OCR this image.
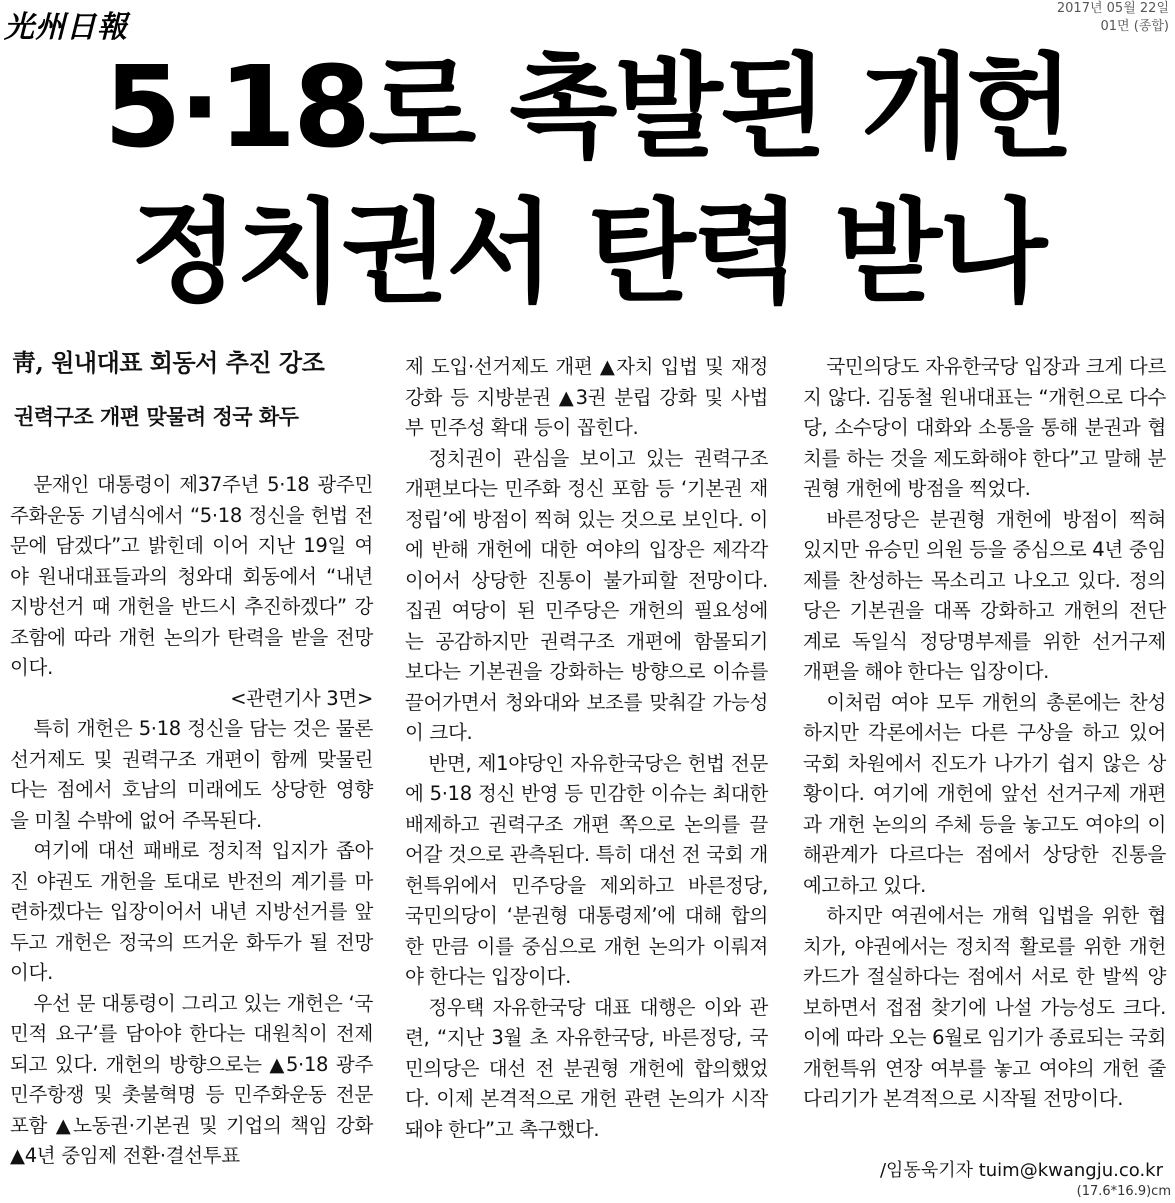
光州日報
2017년 05월 22일
01면 (종합)
5·18로 촉발된 개헌
정치권서 탄력 받나
靑, 원내대표 회동서 추진 강조
권력구조 개편 맞물려 정국 화두

문재인 대통령이 제37주년 5·18 광주민주화운동 기념식에서 “5·18 정신을 헌법 전문에 담겠다”고 밝힌데 이어 지난 19일 여야 원내대표들과의 청와대 회동에서 “내년 지방선거 때 개헌을 반드시 추진하겠다” 강조함에 따라 개헌 논의가 탄력을 받을 전망이다.
<관련기사 3면>

특히 개헌은 5·18 정신을 담는 것은 물론 선거제도 및 권력구조 개편이 함께 맞물린다는 점에서 호남의 미래에도 상당한 영향을 미칠 수밖에 없어 주목된다.

여기에 대선 패배로 정치적 입지가 좁아진 야권도 개헌을 토대로 반전의 계기를 마련하겠다는 입장이어서 내년 지방선거를 앞두고 개헌은 정국의 뜨거운 화두가 될 전망이다.

우선 문 대통령이 그리고 있는 개헌은 ‘국민적 요구’를 담아야 한다는 대원칙이 전제되고 있다. 개헌의 방향으로는 ▲5·18 광주민주항쟁 및 촛불혁명 등 민주화운동 전문 포함 ▲노동권·기본권 및 기업의 책임 강화 ▲4년 중임제 전환·결선투표

제 도입·선거제도 개편 ▲자치 입법 및 재정 강화 등 지방분권 ▲3권 분립 강화 및 사법부 민주성 확대 등이 꼽힌다.

정치권이 관심을 보이고 있는 권력구조 개편보다는 민주화 정신 포함 등 ‘기본권 재정립’에 방점이 찍혀 있는 것으로 보인다. 이에 반해 개헌에 대한 여야의 입장은 제각각이어서 상당한 진통이 불가피할 전망이다. 집권 여당이 된 민주당은 개헌의 필요성에는 공감하지만 권력구조 개편에 함몰되기 보다는 기본권을 강화하는 방향으로 이슈를 끌어가면서 청와대와 보조를 맞춰갈 가능성이 크다.

반면, 제1야당인 자유한국당은 헌법 전문에 5·18 정신 반영 등 민감한 이슈는 최대한 배제하고 권력구조 개편 쪽으로 논의를 끌어갈 것으로 관측된다. 특히 대선 전 국회 개헌특위에서 민주당을 제외하고 바른정당, 국민의당이 ‘분권형 대통령제’에 대해 합의한 만큼 이를 중심으로 개헌 논의가 이뤄져야 한다는 입장이다.

정우택 자유한국당 대표 대행은 이와 관련, “지난 3월 초 자유한국당, 바른정당, 국민의당은 대선 전 분권형 개헌에 합의했었다. 이제 본격적으로 개헌 관련 논의가 시작돼야 한다”고 촉구했다.

국민의당도 자유한국당 입장과 크게 다르지 않다. 김동철 원내대표는 “개헌으로 다수당, 소수당이 대화와 소통을 통해 분권과 협치를 하는 것을 제도화해야 한다”고 말해 분권형 개헌에 방점을 찍었다.

바른정당은 분권형 개헌에 방점이 찍혀 있지만 유승민 의원 등을 중심으로 4년 중임제를 찬성하는 목소리고 나오고 있다. 정의당은 기본권을 대폭 강화하고 개헌의 전단계로 독일식 정당명부제를 위한 선거구제 개편을 해야 한다는 입장이다.

이처럼 여야 모두 개헌의 총론에는 찬성하지만 각론에서는 다른 구상을 하고 있어 국회 차원에서 진도가 나가기 쉽지 않은 상황이다. 여기에 개헌에 앞선 선거구제 개편과 개헌 논의의 주체 등을 놓고도 여야의 이해관계가 다르다는 점에서 상당한 진통을 예고하고 있다.

하지만 여권에서는 개혁 입법을 위한 협치가, 야권에서는 정치적 활로를 위한 개헌 카드가 절실하다는 점에서 서로 한 발씩 양보하면서 접점 찾기에 나설 가능성도 크다. 이에 따라 오는 6월로 임기가 종료되는 국회 개헌특위 연장 여부를 놓고 여야의 개헌 줄다리기가 본격적으로 시작될 전망이다.

/임동욱기자 tuim@kwangju.co.kr
(17.6*16.9)cm
